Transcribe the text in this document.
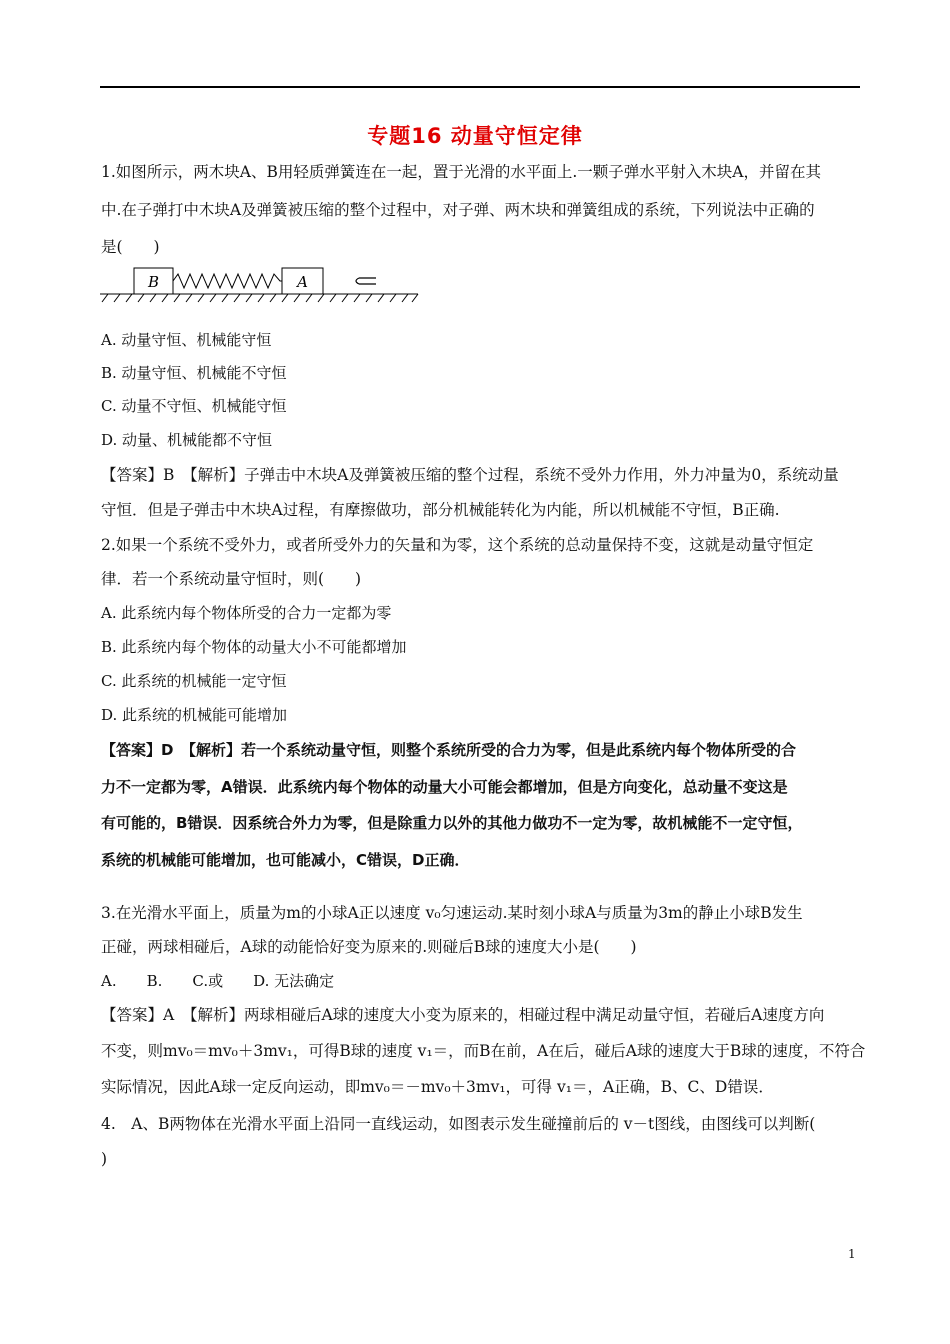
专题16 动量守恒定律
1.如图所示，两木块A、B用轻质弹簧连在一起，置于光滑的水平面上.一颗子弹水平射入木块A，并留在其
中.在子弹打中木块A及弹簧被压缩的整个过程中，对子弹、两木块和弹簧组成的系统，下列说法中正确的
是(　　)
B	A
A. 动量守恒、机械能守恒
B. 动量守恒、机械能不守恒
C. 动量不守恒、机械能守恒
D. 动量、机械能都不守恒
【答案】B　【解析】子弹击中木块A及弹簧被压缩的整个过程，系统不受外力作用，外力冲量为0，系统动量
守恒．但是子弹击中木块A过程，有摩擦做功，部分机械能转化为内能，所以机械能不守恒，B正确.
2.如果一个系统不受外力，或者所受外力的矢量和为零，这个系统的总动量保持不变，这就是动量守恒定
律．若一个系统动量守恒时，则(　　)
A. 此系统内每个物体所受的合力一定都为零
B. 此系统内每个物体的动量大小不可能都增加
C. 此系统的机械能一定守恒
D. 此系统的机械能可能增加
【答案】D　【解析】若一个系统动量守恒，则整个系统所受的合力为零，但是此系统内每个物体所受的合
力不一定都为零，A错误．此系统内每个物体的动量大小可能会都增加，但是方向变化，总动量不变这是
有可能的，B错误．因系统合外力为零，但是除重力以外的其他力做功不一定为零，故机械能不一定守恒，
系统的机械能可能增加，也可能减小，C错误，D正确．
3.在光滑水平面上，质量为m的小球A正以速度 v₀匀速运动.某时刻小球A与质量为3m的静止小球B发生
正碰，两球相碰后，A球的动能恰好变为原来的.则碰后B球的速度大小是(　　)
A.　　B.　　C.或　　D. 无法确定
【答案】A　【解析】两球相碰后A球的速度大小变为原来的，相碰过程中满足动量守恒，若碰后A速度方向
不变，则mv₀＝mv₀＋3mv₁，可得B球的速度 v₁＝，而B在前，A在后，碰后A球的速度大于B球的速度，不符合
实际情况，因此A球一定反向运动，即mv₀＝－mv₀＋3mv₁，可得 v₁＝，A正确，B、C、D错误．
4.　A、B两物体在光滑水平面上沿同一直线运动，如图表示发生碰撞前后的 v－t图线，由图线可以判断(
)
1
